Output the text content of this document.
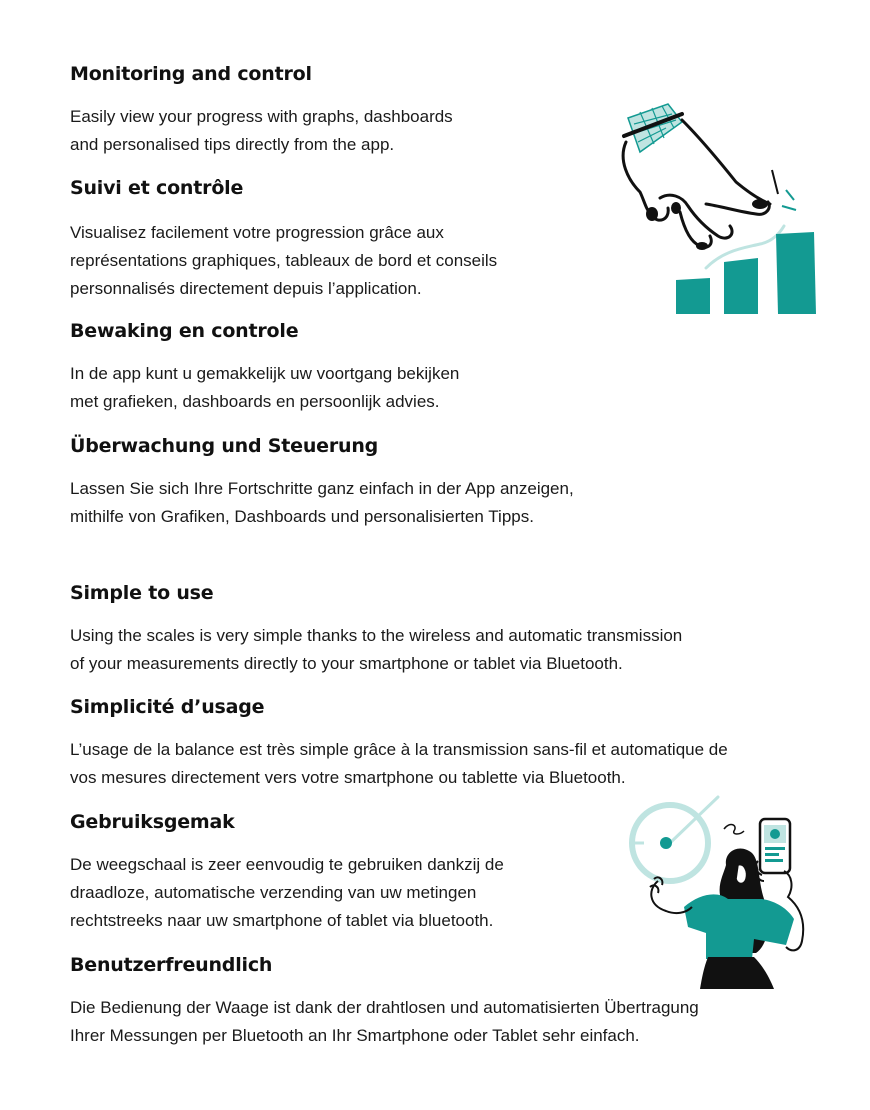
Monitoring and control

Easily view your progress with graphs, dashboards
and personalised tips directly from the app.

Suivi et contrôle

Visualisez facilement votre progression grâce aux
représentations graphiques, tableaux de bord et conseils
personnalisés directement depuis l’application.

Bewaking en controle

In de app kunt u gemakkelijk uw voortgang bekijken
met grafieken, dashboards en persoonlijk advies.

Überwachung und Steuerung

Lassen Sie sich Ihre Fortschritte ganz einfach in der App anzeigen,
mithilfe von Grafiken, Dashboards und personalisierten Tipps.

Simple to use

Using the scales is very simple thanks to the wireless and automatic transmission
of your measurements directly to your smartphone or tablet via Bluetooth.

Simplicité d’usage

L’usage de la balance est très simple grâce à la transmission sans-fil et automatique de
vos mesures directement vers votre smartphone ou tablette via Bluetooth.

Gebruiksgemak

De weegschaal is zeer eenvoudig te gebruiken dankzij de
draadloze, automatische verzending van uw metingen
rechtstreeks naar uw smartphone of tablet via bluetooth.

Benutzerfreundlich

Die Bedienung der Waage ist dank der drahtlosen und automatisierten Übertragung
Ihrer Messungen per Bluetooth an Ihr Smartphone oder Tablet sehr einfach.
